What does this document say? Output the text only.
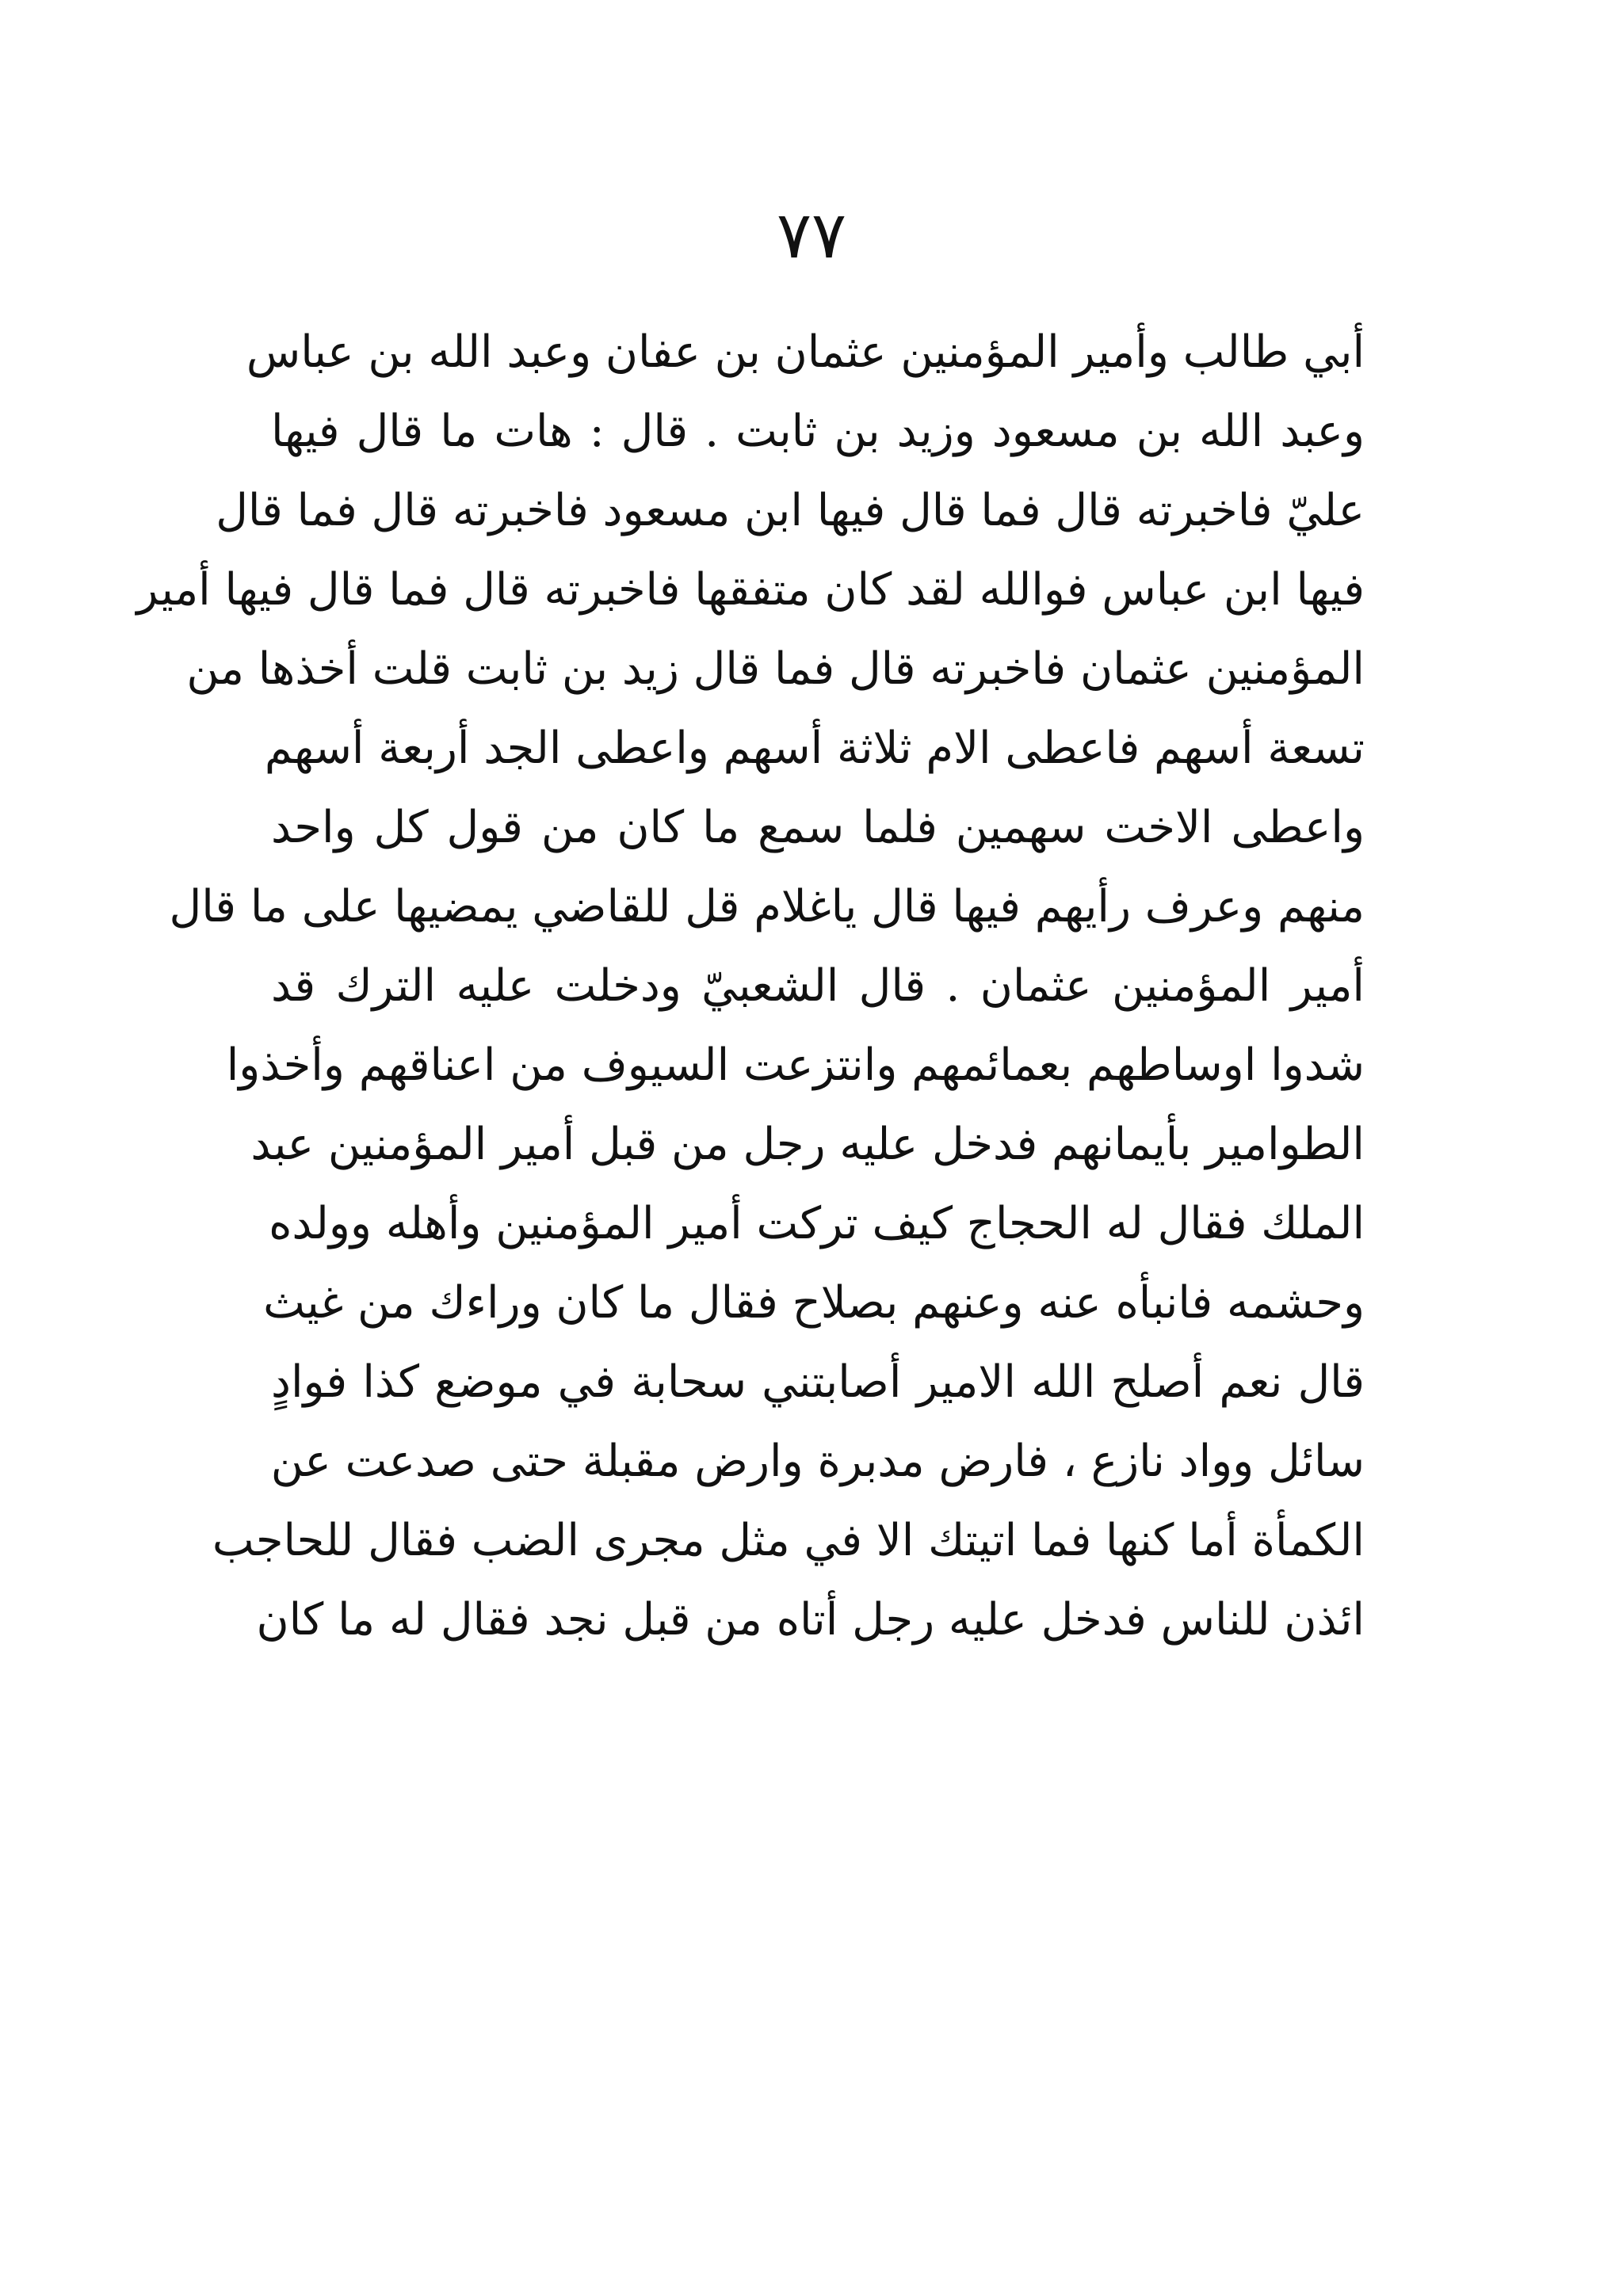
٧٧
أبي طالب وأمير المؤمنين عثمان بن عفان وعبد الله بن عباس
وعبد الله بن مسعود وزيد بن ثابت . قال : هات ما قال فيها
عليّ فاخبرته قال فما قال فيها ابن مسعود فاخبرته قال فما قال
فيها ابن عباس فوالله لقد كان متفقها فاخبرته قال فما قال فيها أمير
المؤمنين عثمان فاخبرته قال فما قال زيد بن ثابت قلت أخذها من
تسعة أسهم فاعطى الام ثلاثة أسهم واعطى الجد أربعة أسهم
واعطى الاخت سهمين فلما سمع ما كان من قول كل واحد
منهم وعرف رأيهم فيها قال ياغلام قل للقاضي يمضيها على ما قال
أمير المؤمنين عثمان . قال الشعبيّ ودخلت عليه الترك قد
شدوا اوساطهم بعمائمهم وانتزعت السيوف من اعناقهم وأخذوا
الطوامير بأيمانهم فدخل عليه رجل من قبل أمير المؤمنين عبد
الملك فقال له الحجاج كيف تركت أمير المؤمنين وأهله وولده
وحشمه فانبأه عنه وعنهم بصلاح فقال ما كان وراءك من غيث
قال نعم أصلح الله الامير أصابتني سحابة في موضع كذا فوادٍ
سائل وواد نازع ، فارض مدبرة وارض مقبلة حتى صدعت عن
الكمأة أما كنها فما اتيتك الا في مثل مجرى الضب فقال للحاجب
ائذن للناس فدخل عليه رجل أتاه من قبل نجد فقال له ما كان
